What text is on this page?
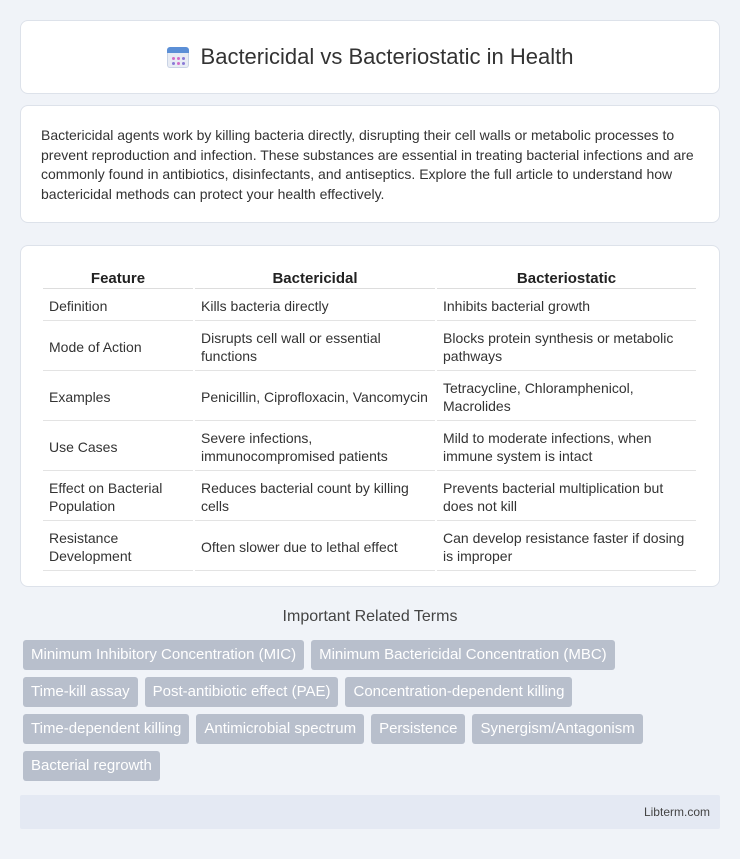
Bactericidal vs Bacteriostatic in Health

Bactericidal agents work by killing bacteria directly, disrupting their cell walls or metabolic processes to prevent reproduction and infection. These substances are essential in treating bacterial infections and are commonly found in antibiotics, disinfectants, and antiseptics. Explore the full article to understand how bactericidal methods can protect your health effectively.

Feature	Bactericidal	Bacteriostatic
Definition	Kills bacteria directly	Inhibits bacterial growth
Mode of Action	Disrupts cell wall or essential functions	Blocks protein synthesis or metabolic pathways
Examples	Penicillin, Ciprofloxacin, Vancomycin	Tetracycline, Chloramphenicol, Macrolides
Use Cases	Severe infections, immunocompromised patients	Mild to moderate infections, when immune system is intact
Effect on Bacterial Population	Reduces bacterial count by killing cells	Prevents bacterial multiplication but does not kill
Resistance Development	Often slower due to lethal effect	Can develop resistance faster if dosing is improper
Important Related Terms
Minimum Inhibitory Concentration (MIC)	Minimum Bactericidal Concentration (MBC)
Time-kill assay	Post-antibiotic effect (PAE)	Concentration-dependent killing
Time-dependent killing	Antimicrobial spectrum	Persistence	Synergism/Antagonism
Bacterial regrowth
Libterm.com
